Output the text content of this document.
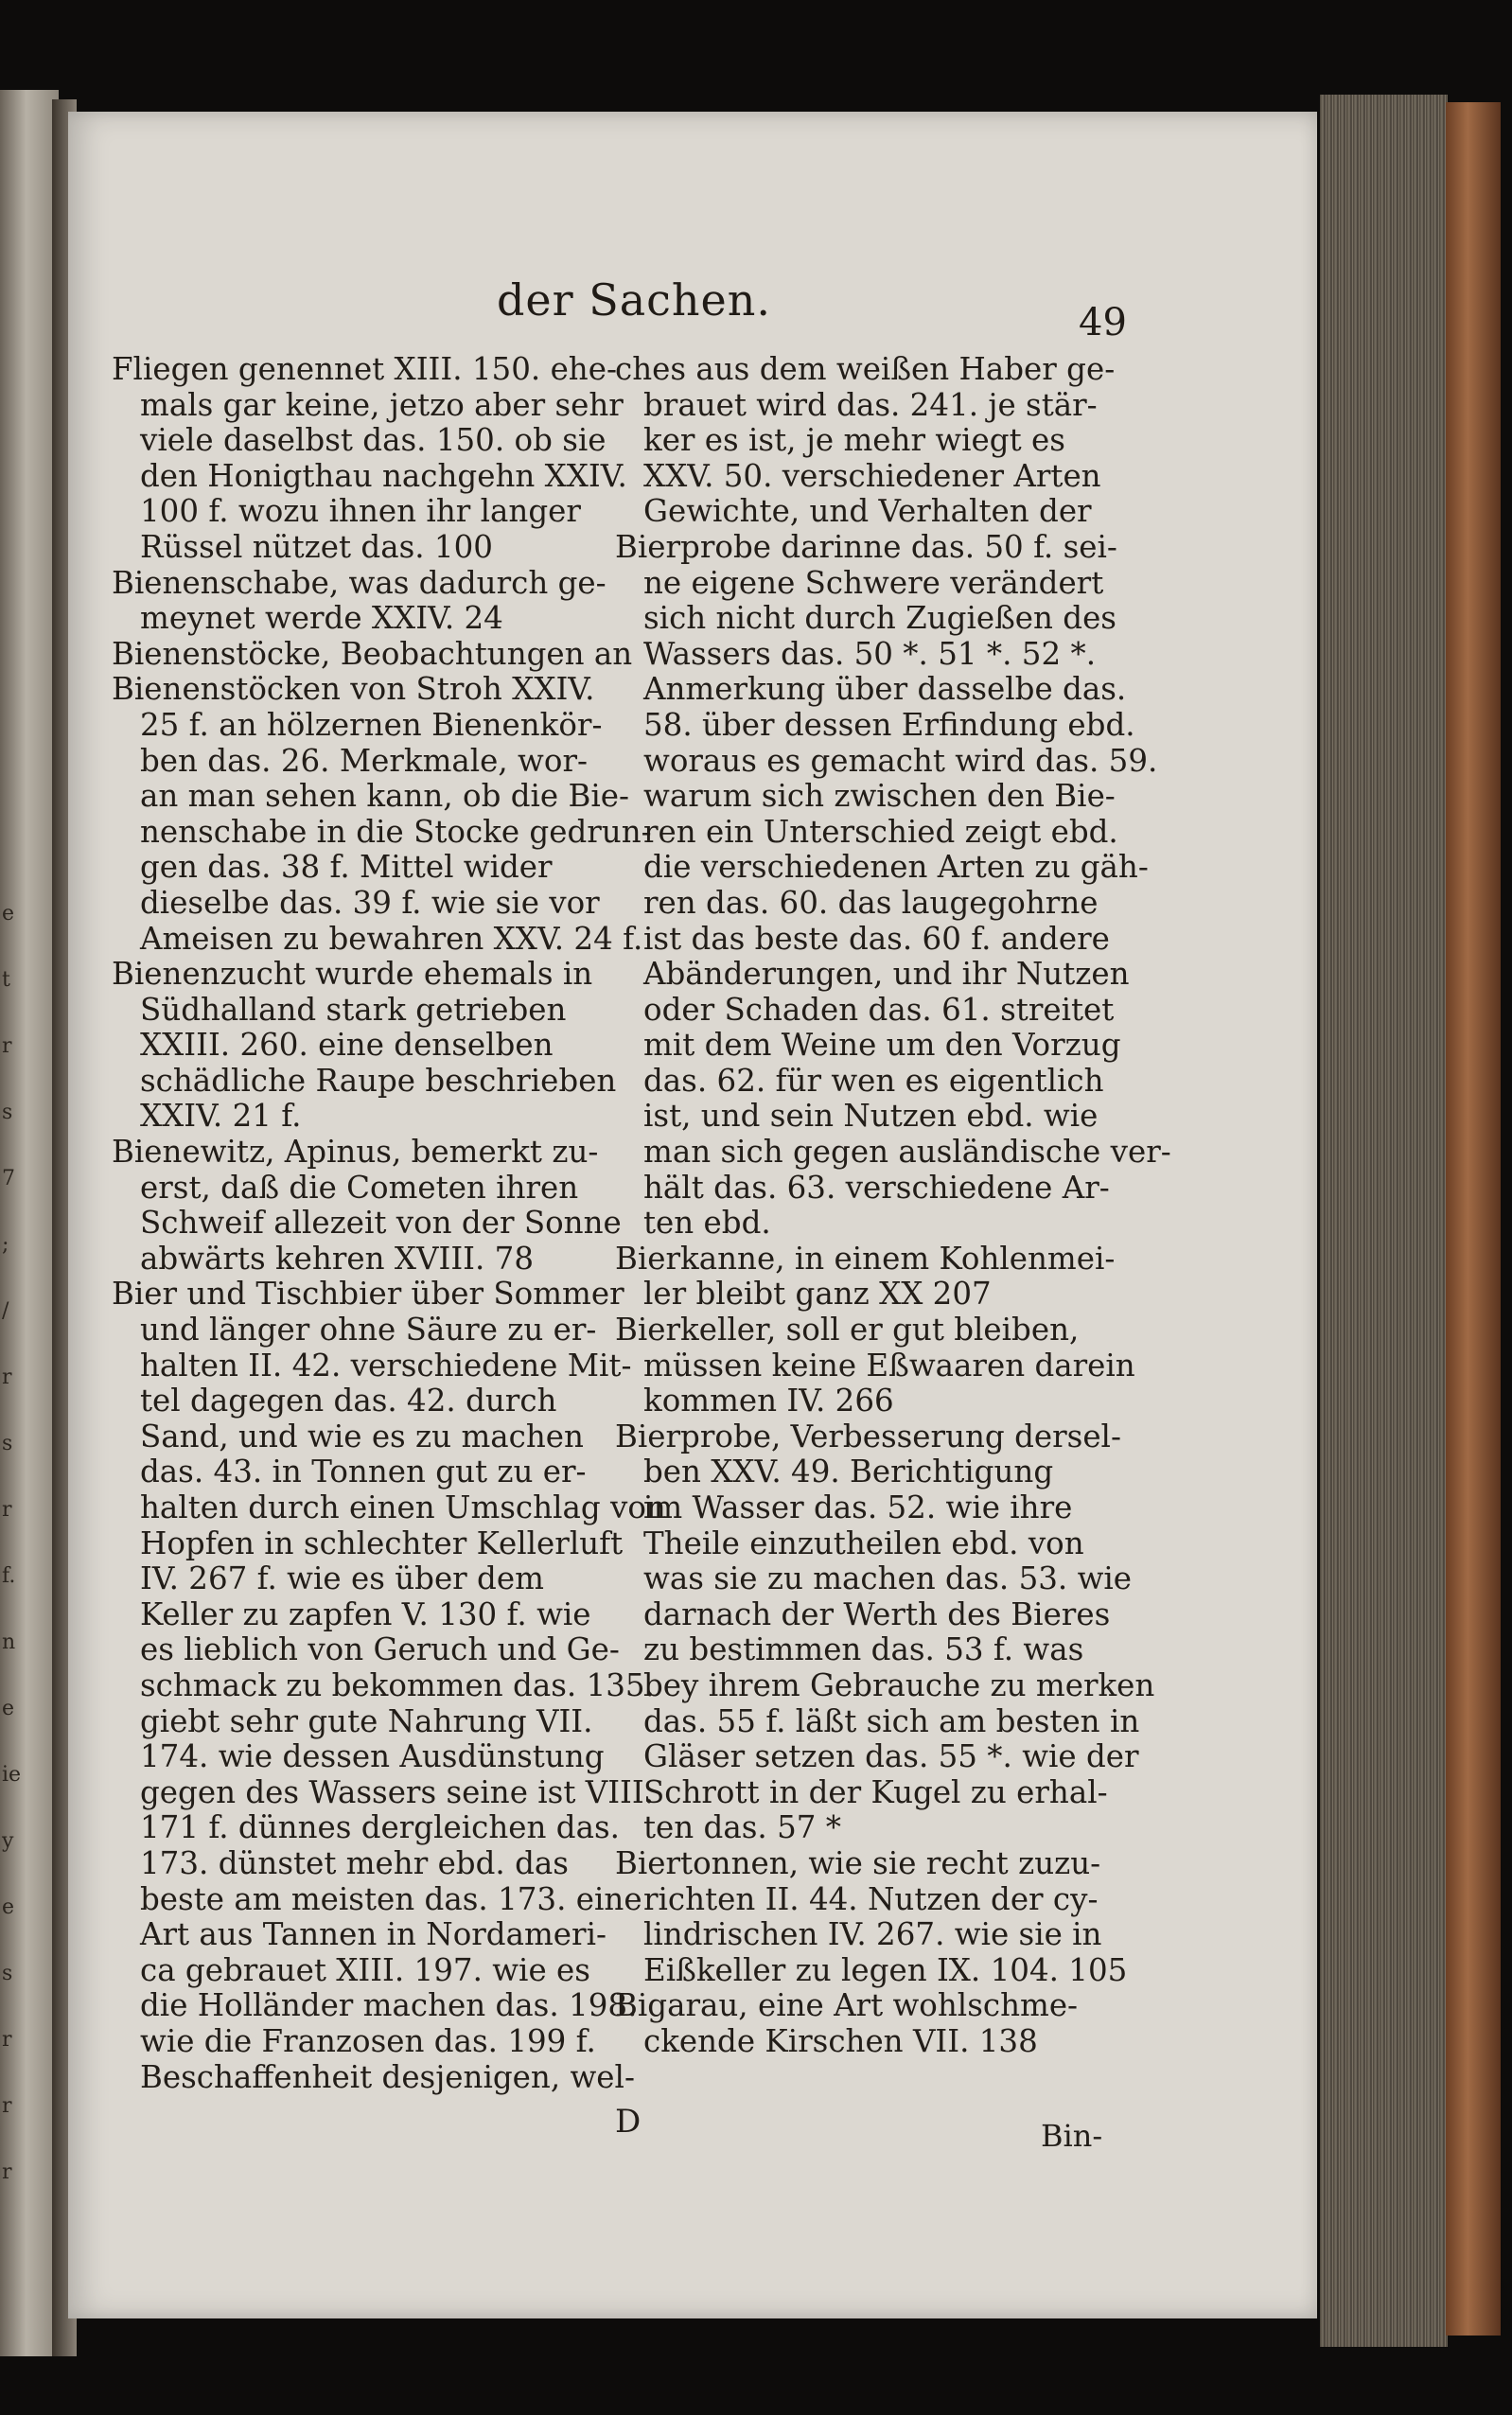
e
t
r
s
7
;
/
r
s
r
f.
n
e
ie
y
e
s
r
r
r
der Sachen.	49
Fliegen genennet XIII. 150. ehe-
mals gar keine, jetzo aber sehr
viele daselbst das. 150. ob sie
den Honigthau nachgehn XXIV.
100 f. wozu ihnen ihr langer
Rüssel nützet das. 100
Bienenschabe, was dadurch ge-
meynet werde XXIV. 24
Bienenstöcke, Beobachtungen an
Bienenstöcken von Stroh XXIV.
25 f. an hölzernen Bienenkör-
ben das. 26. Merkmale, wor-
an man sehen kann, ob die Bie-
nenschabe in die Stocke gedrun-
gen das. 38 f. Mittel wider
dieselbe das. 39 f. wie sie vor
Ameisen zu bewahren XXV. 24 f.
Bienenzucht wurde ehemals in
Südhalland stark getrieben
XXIII. 260. eine denselben
schädliche Raupe beschrieben
XXIV. 21 f.
Bienewitz, Apinus, bemerkt zu-
erst, daß die Cometen ihren
Schweif allezeit von der Sonne
abwärts kehren XVIII. 78
Bier und Tischbier über Sommer
und länger ohne Säure zu er-
halten II. 42. verschiedene Mit-
tel dagegen das. 42. durch
Sand, und wie es zu machen
das. 43. in Tonnen gut zu er-
halten durch einen Umschlag von
Hopfen in schlechter Kellerluft
IV. 267 f. wie es über dem
Keller zu zapfen V. 130 f. wie
es lieblich von Geruch und Ge-
schmack zu bekommen das. 135.
giebt sehr gute Nahrung VII.
174. wie dessen Ausdünstung
gegen des Wassers seine ist VIII.
171 f. dünnes dergleichen das.
173. dünstet mehr ebd. das
beste am meisten das. 173. eine
Art aus Tannen in Nordameri-
ca gebrauet XIII. 197. wie es
die Holländer machen das. 198.
wie die Franzosen das. 199 f.
Beschaffenheit desjenigen, wel-
ches aus dem weißen Haber ge-
brauet wird das. 241. je stär-
ker es ist, je mehr wiegt es
XXV. 50. verschiedener Arten
Gewichte, und Verhalten der
Bierprobe darinne das. 50 f. sei-
ne eigene Schwere verändert
sich nicht durch Zugießen des
Wassers das. 50 *. 51 *. 52 *.
Anmerkung über dasselbe das.
58. über dessen Erfindung ebd.
woraus es gemacht wird das. 59.
warum sich zwischen den Bie-
ren ein Unterschied zeigt ebd.
die verschiedenen Arten zu gäh-
ren das. 60. das laugegohrne
ist das beste das. 60 f. andere
Abänderungen, und ihr Nutzen
oder Schaden das. 61. streitet
mit dem Weine um den Vorzug
das. 62. für wen es eigentlich
ist, und sein Nutzen ebd. wie
man sich gegen ausländische ver-
hält das. 63. verschiedene Ar-
ten ebd.
Bierkanne, in einem Kohlenmei-
ler bleibt ganz XX 207
Bierkeller, soll er gut bleiben,
müssen keine Eßwaaren darein
kommen IV. 266
Bierprobe, Verbesserung dersel-
ben XXV. 49. Berichtigung
im Wasser das. 52. wie ihre
Theile einzutheilen ebd. von
was sie zu machen das. 53. wie
darnach der Werth des Bieres
zu bestimmen das. 53 f. was
bey ihrem Gebrauche zu merken
das. 55 f. läßt sich am besten in
Gläser setzen das. 55 *. wie der
Schrott in der Kugel zu erhal-
ten das. 57 *
Biertonnen, wie sie recht zuzu-
richten II. 44. Nutzen der cy-
lindrischen IV. 267. wie sie in
Eißkeller zu legen IX. 104. 105
Bigarau, eine Art wohlschme-
ckende Kirschen VII. 138
D	Bin-
